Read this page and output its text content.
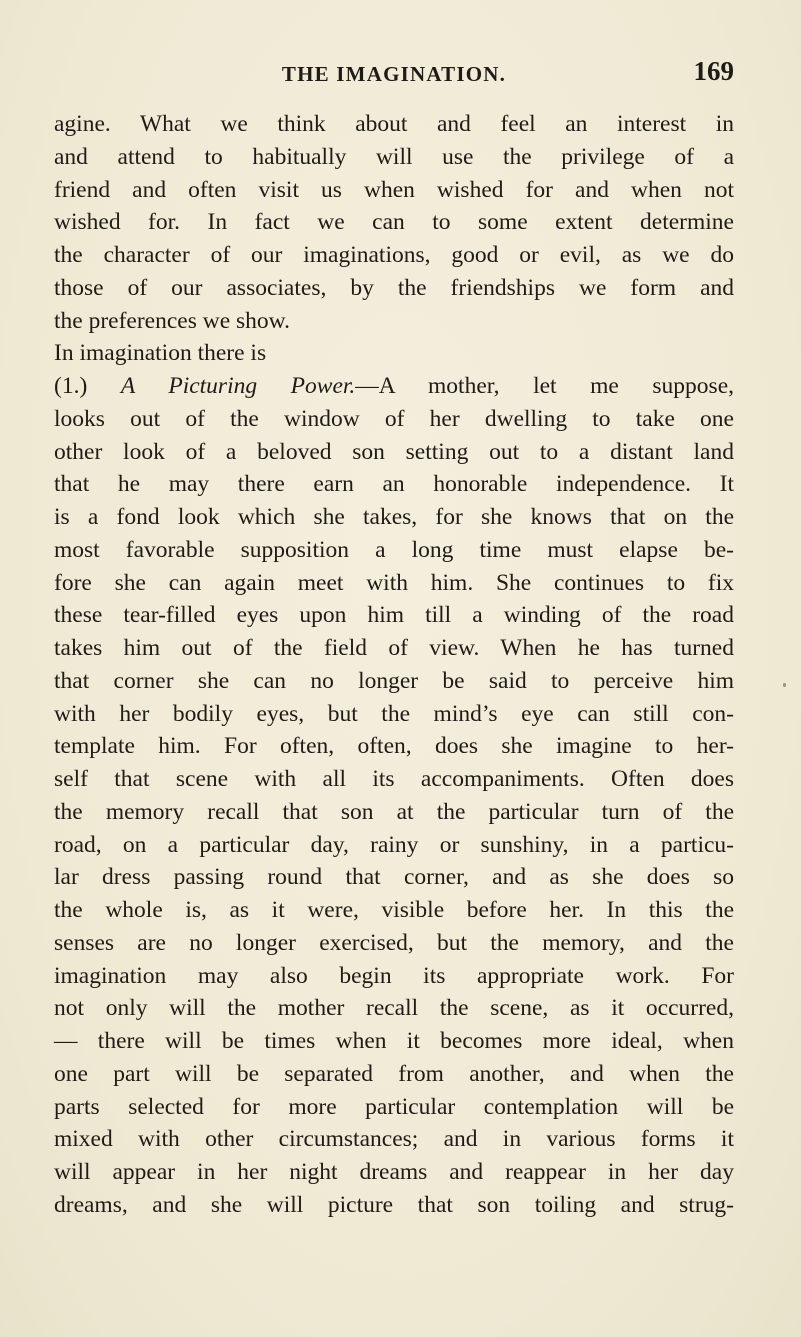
THE IMAGINATION.	169
agine. What we think about and feel an interest in
and attend to habitually will use the privilege of a
friend and often visit us when wished for and when not
wished for. In fact we can to some extent determine
the character of our imaginations, good or evil, as we do
those of our associates, by the friendships we form and
the preferences we show.
In imagination there is
(1.) A Picturing Power.—A mother, let me suppose,
looks out of the window of her dwelling to take one
other look of a beloved son setting out to a distant land
that he may there earn an honorable independence. It
is a fond look which she takes, for she knows that on the
most favorable supposition a long time must elapse be-
fore she can again meet with him. She continues to fix
these tear-filled eyes upon him till a winding of the road
takes him out of the field of view. When he has turned
that corner she can no longer be said to perceive him
with her bodily eyes, but the mind’s eye can still con-
template him. For often, often, does she imagine to her-
self that scene with all its accompaniments. Often does
the memory recall that son at the particular turn of the
road, on a particular day, rainy or sunshiny, in a particu-
lar dress passing round that corner, and as she does so
the whole is, as it were, visible before her. In this the
senses are no longer exercised, but the memory, and the
imagination may also begin its appropriate work. For
not only will the mother recall the scene, as it occurred,
— there will be times when it becomes more ideal, when
one part will be separated from another, and when the
parts selected for more particular contemplation will be
mixed with other circumstances; and in various forms it
will appear in her night dreams and reappear in her day
dreams, and she will picture that son toiling and strug-
